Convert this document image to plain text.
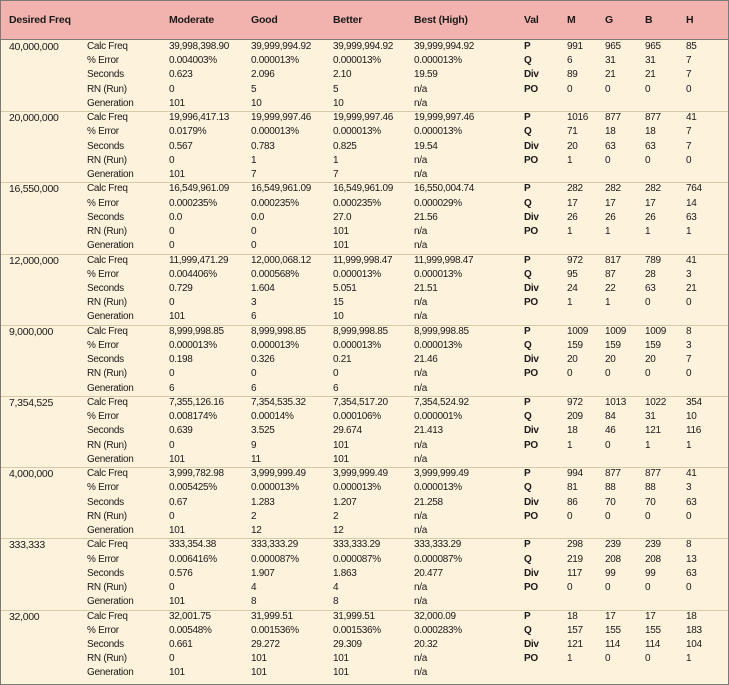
Desired Freq	Moderate	Good	Better	Best (High)	Val	M	G	B	H
40,000,000	Calc Freq	39,998,398.90 39,999,994.92 39,999,994.92 39,999,994.92	P	991 965 965	85
% Error	0.004003%	0.000013%	0.000013%	0.000013%	Q	6	31	31	7
Seconds	0.623	2.096	2.10	19.59	Div	89	21	21	7
RN (Run)	0	5	5	n/a	PO	0	0	0	0
Generation	101	10	10	n/a
20,000,000	Calc Freq	19,996,417.13 19,999,997.46 19,999,997.46 19,999,997.46	P	1016 877 877	41
% Error	0.0179%	0.000013%	0.000013%	0.000013%	Q	71	18	18	7
Seconds	0.567	0.783	0.825	19.54	Div	20	63	63	7
RN (Run)	0	1	1	n/a	PO	1	0	0	0
Generation	101	7	7	n/a
16,550,000	Calc Freq	16,549,961.09 16,549,961.09 16,549,961.09 16,550,004.74	P	282 282 282	764
% Error	0.000235%	0.000235%	0.000235%	0.000029%	Q	17	17	17	14
Seconds	0.0	0.0	27.0	21.56	Div	26	26	26	63
RN (Run)	0	0	101	n/a	PO	1	1	1	1
Generation	0	0	101	n/a
12,000,000	Calc Freq	11,999,471.29 12,000,068.12 11,999,998.47 11,999,998.47	P	972 817 789	41
% Error	0.004406%	0.000568%	0.000013%	0.000013%	Q	95	87	28	3
Seconds	0.729	1.604	5.051	21.51	Div	24	22	63	21
RN (Run)	0	3	15	n/a	PO	1	1	0	0
Generation	101	6	10	n/a
9,000,000	Calc Freq	8,999,998.85	8,999,998.85	8,999,998.85	8,999,998.85	P	1009 1009 1009 8
% Error	0.000013%	0.000013%	0.000013%	0.000013%	Q	159 159 159	3
Seconds	0.198	0.326	0.21	21.46	Div	20	20	20	7
RN (Run)	0	0	0	n/a	PO	0	0	0	0
Generation	6	6	6	n/a
7,354,525	Calc Freq	7,355,126.16	7,354,535.32	7,354,517.20	7,354,524.92	P	972 1013 1022 354
% Error	0.008174%	0.00014%	0.000106%	0.000001%	Q	209 84	31	10
Seconds	0.639	3.525	29.674	21.413	Div	18	46	121	116
RN (Run)	0	9	101	n/a	PO	1	0	1	1
Generation	101	11	101	n/a
4,000,000	Calc Freq	3,999,782.98	3,999,999.49	3,999,999.49	3,999,999.49	P	994 877 877	41
% Error	0.005425%	0.000013%	0.000013%	0.000013%	Q	81	88	88	3
Seconds	0.67	1.283	1.207	21.258	Div	86	70	70	63
RN (Run)	0	2	2	n/a	PO	0	0	0	0
Generation	101	12	12	n/a
333,333	Calc Freq	333,354.38	333,333.29	333,333.29	333,333.29	P	298 239 239	8
% Error	0.006416%	0.000087%	0.000087%	0.000087%	Q	219 208 208	13
Seconds	0.576	1.907	1.863	20.477	Div	117 99	99	63
RN (Run)	0	4	4	n/a	PO	0	0	0	0
Generation	101	8	8	n/a
32,000	Calc Freq	32,001.75	31,999.51	31,999.51	32,000.09	P	18	17	17	18
% Error	0.00548%	0.001536%	0.001536%	0.000283%	Q	157 155 155	183
Seconds	0.661	29.272	29.309	20.32	Div	121 114 114	104
RN (Run)	0	101	101	n/a	PO	1	0	0	1
Generation	101	101	101	n/a
